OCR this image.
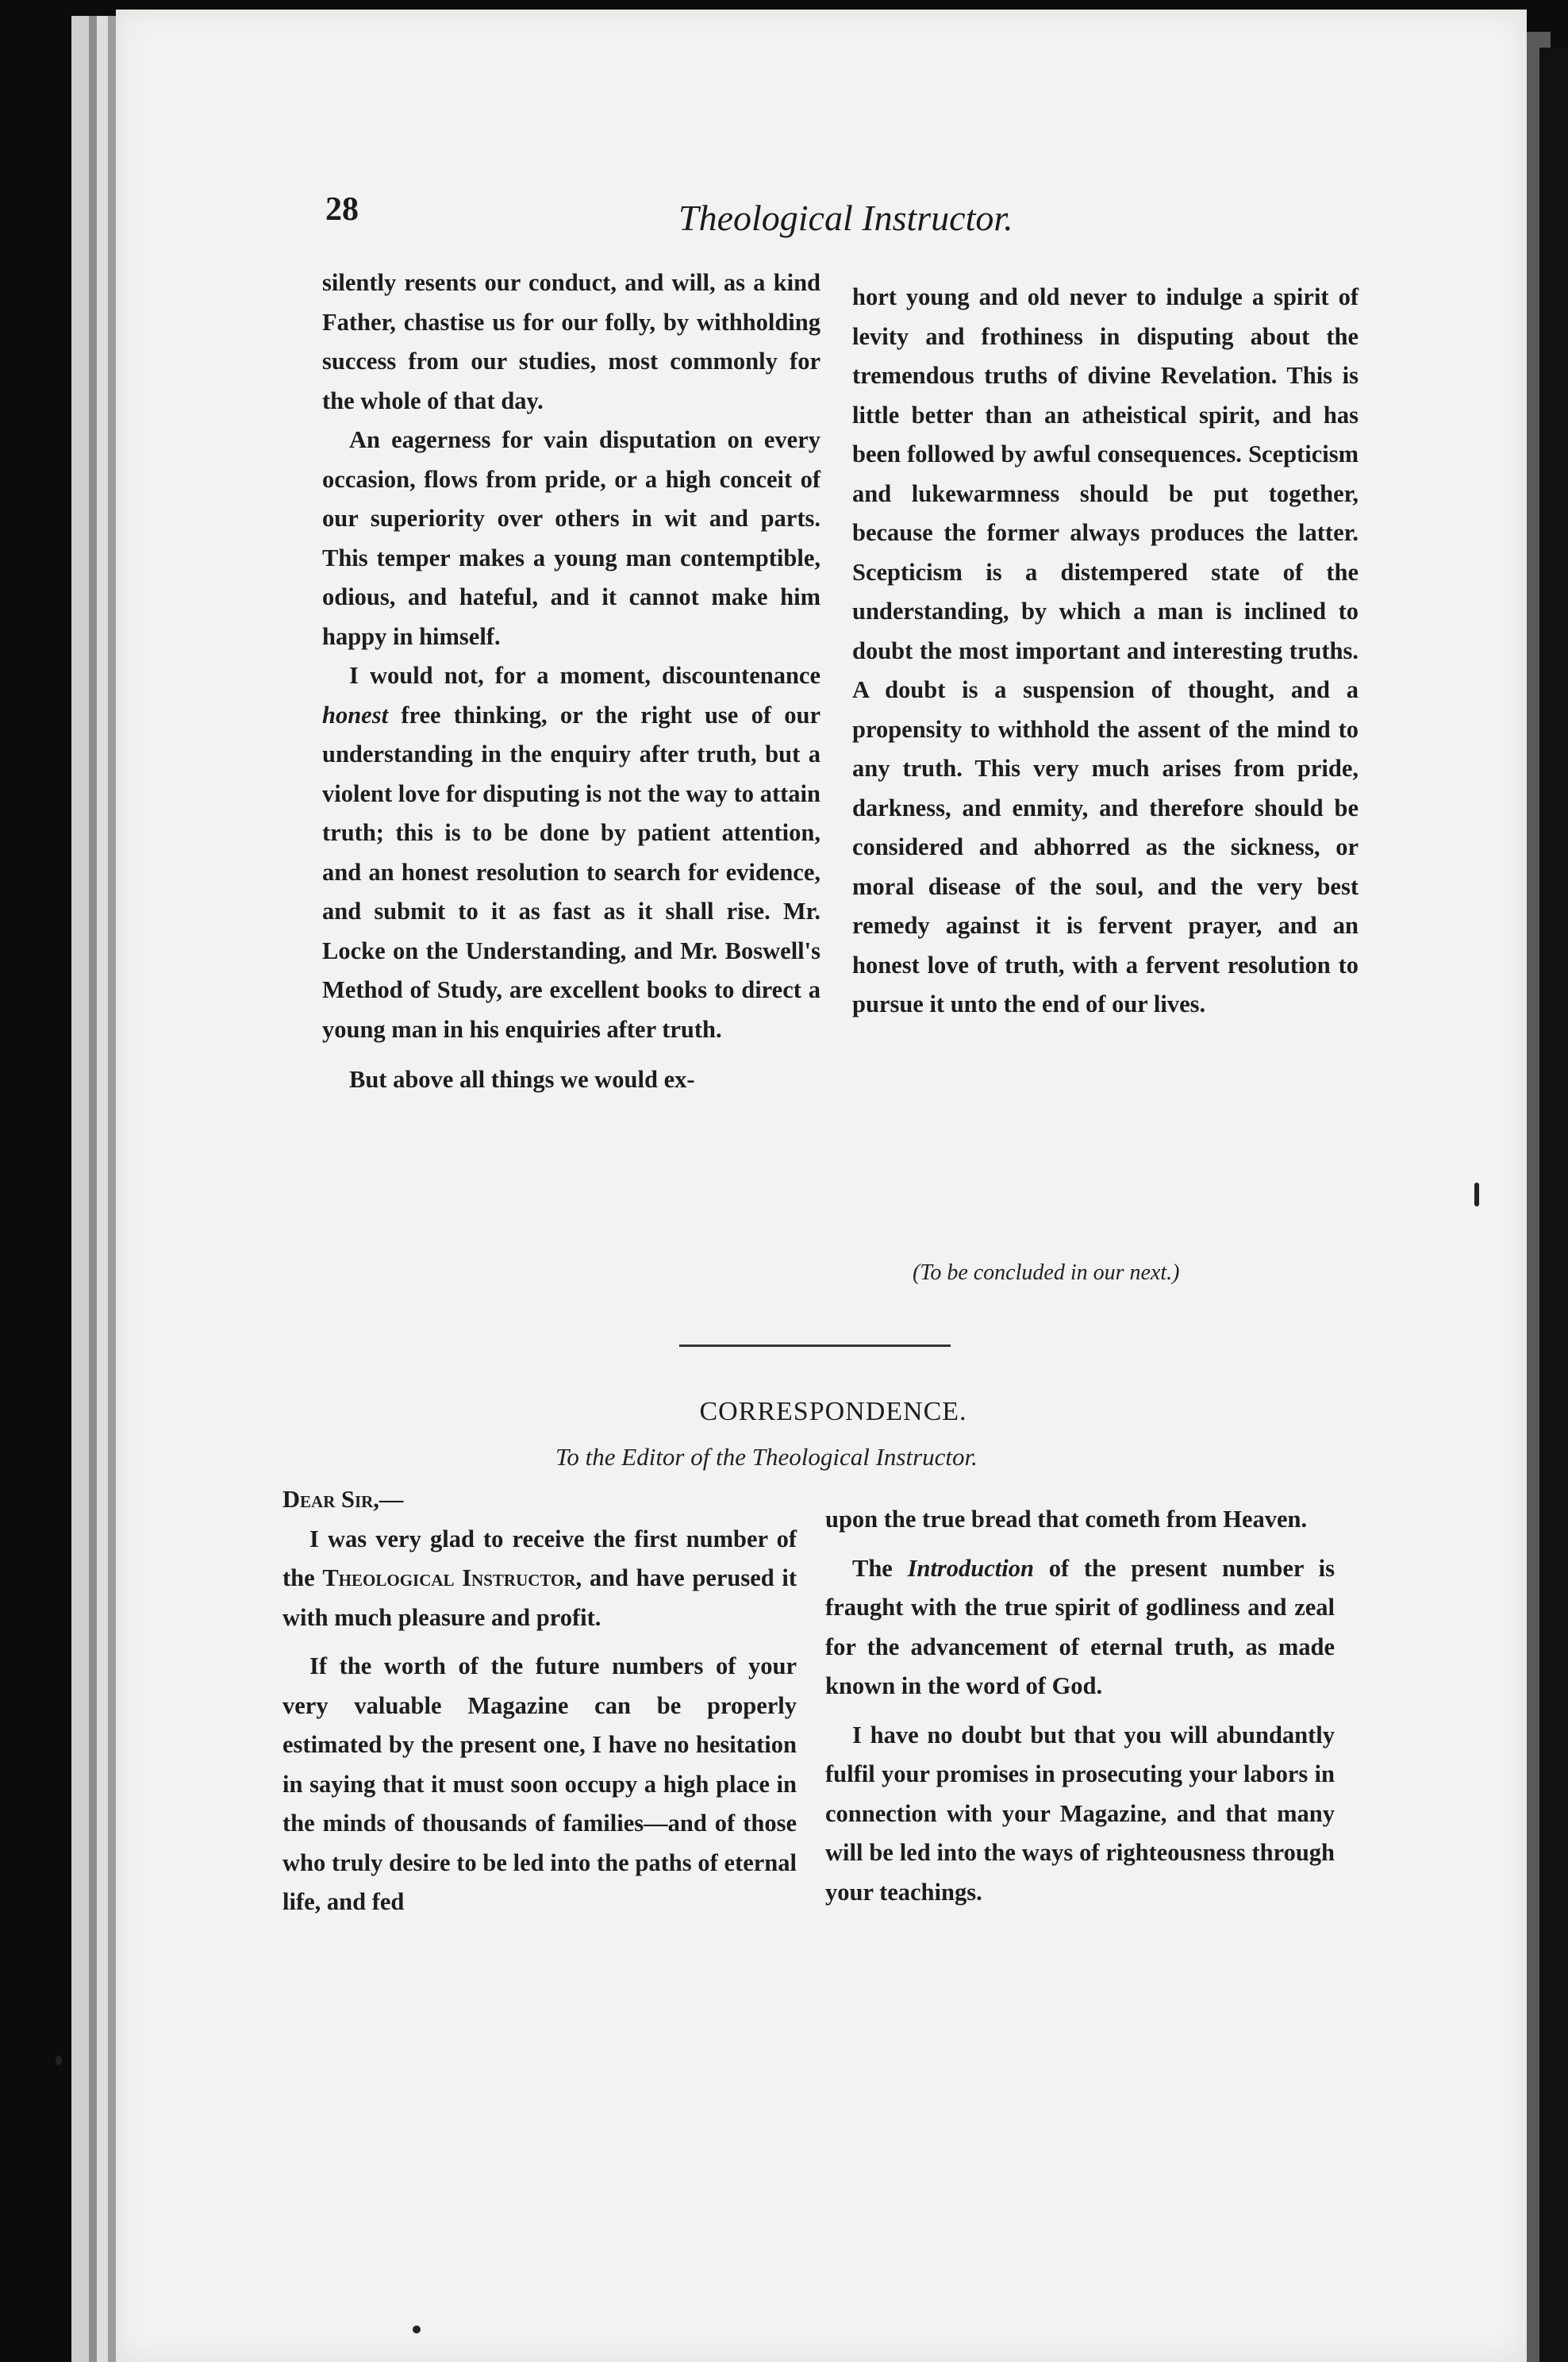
28	Theological Instructor.

silently resents our conduct, and will, as a kind Father, chastise us for our folly, by withholding success from our studies, most commonly for the whole of that day.

An eagerness for vain disputation on every occasion, flows from pride, or a high conceit of our superiority over others in wit and parts. This temper makes a young man contemptible, odious, and hateful, and it cannot make him happy in himself.

I would not, for a moment, discountenance honest free thinking, or the right use of our understanding in the enquiry after truth, but a violent love for disputing is not the way to attain truth; this is to be done by patient attention, and an honest resolution to search for evidence, and submit to it as fast as it shall rise. Mr. Locke on the Understanding, and Mr. Boswell's Method of Study, are excellent books to direct a young man in his enquiries after truth.

But above all things we would ex-

hort young and old never to indulge a spirit of levity and frothiness in disputing about the tremendous truths of divine Revelation. This is little better than an atheistical spirit, and has been followed by awful consequences. Scepticism and lukewarmness should be put together, because the former always produces the latter. Scepticism is a distempered state of the understanding, by which a man is inclined to doubt the most important and interesting truths. A doubt is a suspension of thought, and a propensity to withhold the assent of the mind to any truth. This very much arises from pride, darkness, and enmity, and therefore should be considered and abhorred as the sickness, or moral disease of the soul, and the very best remedy against it is fervent prayer, and an honest love of truth, with a fervent resolution to pursue it unto the end of our lives.

(To be concluded in our next.)

CORRESPONDENCE.

To the Editor of the Theological Instructor.

Dear Sir,—

I was very glad to receive the first number of the Theological Instructor, and have perused it with much pleasure and profit.

If the worth of the future numbers of your very valuable Magazine can be properly estimated by the present one, I have no hesitation in saying that it must soon occupy a high place in the minds of thousands of families—and of those who truly desire to be led into the paths of eternal life, and fed

upon the true bread that cometh from Heaven.

The Introduction of the present number is fraught with the true spirit of godliness and zeal for the advancement of eternal truth, as made known in the word of God.

I have no doubt but that you will abundantly fulfil your promises in prosecuting your labors in connection with your Magazine, and that many will be led into the ways of righteousness through your teachings.
